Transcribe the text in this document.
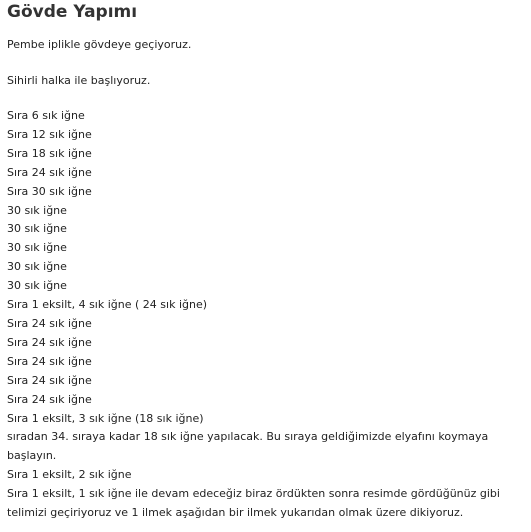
Gövde Yapımı

Pembe iplikle gövdeye geçiyoruz.

Sihirli halka ile başlıyoruz.

Sıra 6 sık iğne
Sıra 12 sık iğne
Sıra 18 sık iğne
Sıra 24 sık iğne
Sıra 30 sık iğne
30 sık iğne
30 sık iğne
30 sık iğne
30 sık iğne
30 sık iğne
Sıra 1 eksilt, 4 sık iğne ( 24 sık iğne)
Sıra 24 sık iğne
Sıra 24 sık iğne
Sıra 24 sık iğne
Sıra 24 sık iğne
Sıra 24 sık iğne
Sıra 1 eksilt, 3 sık iğne (18 sık iğne)
sıradan 34. sıraya kadar 18 sık iğne yapılacak. Bu sıraya geldiğimizde elyafını koymaya başlayın.
Sıra 1 eksilt, 2 sık iğne
Sıra 1 eksilt, 1 sık iğne ile devam edeceğiz biraz ördükten sonra resimde gördüğünüz gibi telimizi geçiriyoruz ve 1 ilmek aşağıdan bir ilmek yukarıdan olmak üzere dikiyoruz.
